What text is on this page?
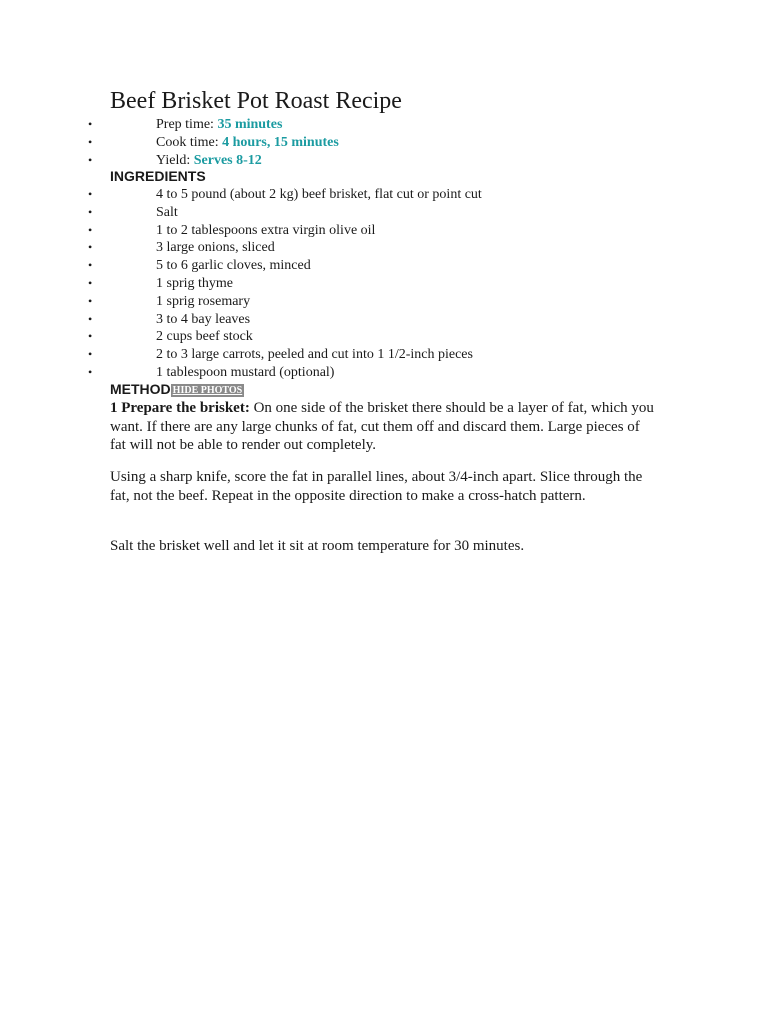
Beef Brisket Pot Roast Recipe
•	Prep time: 35 minutes
•	Cook time: 4 hours, 15 minutes
•	Yield: Serves 8-12
INGREDIENTS
•	4 to 5 pound (about 2 kg) beef brisket, flat cut or point cut
•	Salt
•	1 to 2 tablespoons extra virgin olive oil
•	3 large onions, sliced
•	5 to 6 garlic cloves, minced
•	1 sprig thyme
•	1 sprig rosemary
•	3 to 4 bay leaves
•	2 cups beef stock
•	2 to 3 large carrots, peeled and cut into 1 1/2-inch pieces
•	1 tablespoon mustard (optional)
METHOD HIDE PHOTOS

1 Prepare the brisket: On one side of the brisket there should be a layer of fat, which you want. If there are any large chunks of fat, cut them off and discard them. Large pieces of fat will not be able to render out completely.

Using a sharp knife, score the fat in parallel lines, about 3/4-inch apart. Slice through the fat, not the beef. Repeat in the opposite direction to make a cross-hatch pattern.

Salt the brisket well and let it sit at room temperature for 30 minutes.
